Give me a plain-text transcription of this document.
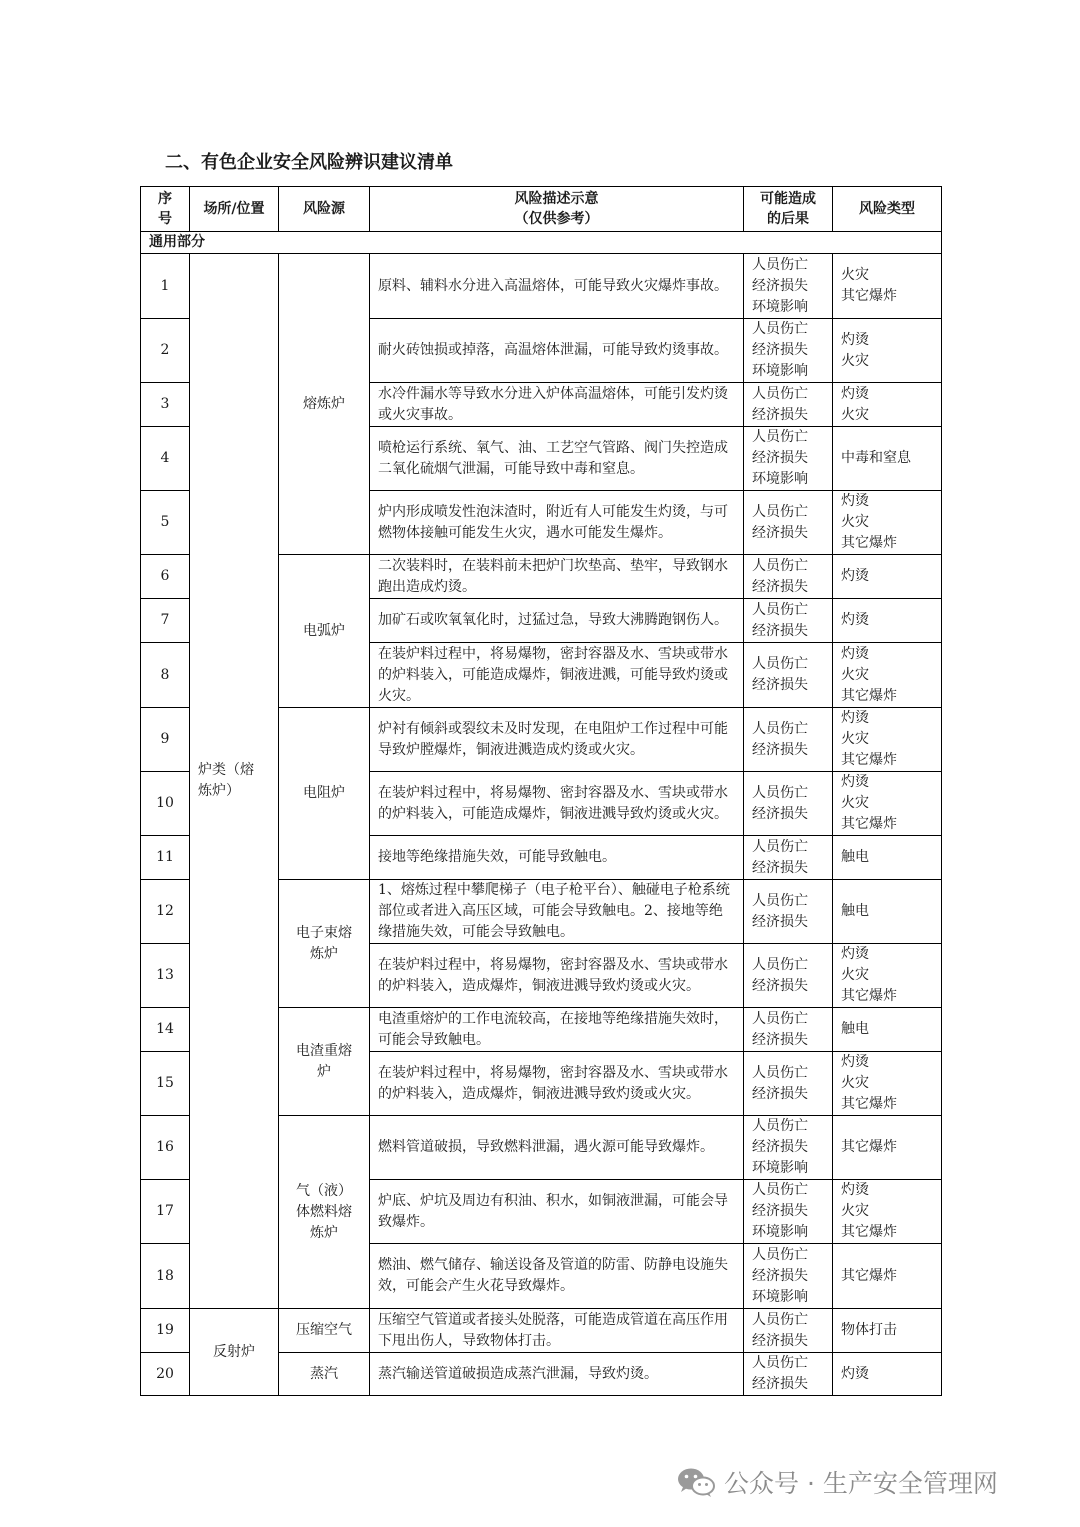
二、有色企业安全风险辨识建议清单
序
号	场所/位置	风险源	风险描述示意
（仅供参考）	可能造成
的后果	风险类型
通用部分					
1	炉类（熔
炼炉）	熔炼炉	原料、辅料水分进入高温熔体，可能导致火灾爆炸事故。	人员伤亡
经济损失
环境影响	火灾
其它爆炸
2			耐火砖蚀损或掉落，高温熔体泄漏，可能导致灼烫事故。	人员伤亡
经济损失
环境影响	灼烫
火灾
3			水冷件漏水等导致水分进入炉体高温熔体，可能引发灼烫或火灾事故。	人员伤亡
经济损失	灼烫
火灾
4			喷枪运行系统、氧气、油、工艺空气管路、阀门失控造成二氧化硫烟气泄漏，可能导致中毒和窒息。	人员伤亡
经济损失
环境影响	中毒和窒息
5			炉内形成喷发性泡沫渣时，附近有人可能发生灼烫，与可燃物体接触可能发生火灾，遇水可能发生爆炸。	人员伤亡
经济损失	灼烫
火灾
其它爆炸
6		电弧炉	二次装料时，在装料前未把炉门坎垫高、垫牢，导致钢水跑出造成灼烫。	人员伤亡
经济损失	灼烫
7			加矿石或吹氧氧化时，过猛过急，导致大沸腾跑钢伤人。	人员伤亡
经济损失	灼烫
8			在装炉料过程中，将易爆物，密封容器及水、雪块或带水的炉料装入，可能造成爆炸，铜液进溅，可能导致灼烫或火灾。	人员伤亡
经济损失	灼烫
火灾
其它爆炸
9		电阻炉	炉衬有倾斜或裂纹未及时发现，在电阻炉工作过程中可能导致炉膛爆炸，铜液进溅造成灼烫或火灾。	人员伤亡
经济损失	灼烫
火灾
其它爆炸
10			在装炉料过程中，将易爆物、密封容器及水、雪块或带水的炉料装入，可能造成爆炸，铜液进溅导致灼烫或火灾。	人员伤亡
经济损失	灼烫
火灾
其它爆炸
11			接地等绝缘措施失效，可能导致触电。	人员伤亡
经济损失	触电
12		电子束熔
炼炉	1、熔炼过程中攀爬梯子（电子枪平台）、触碰电子枪系统部位或者进入高压区域，可能会导致触电。2、接地等绝缘措施失效，可能会导致触电。	人员伤亡
经济损失	触电
13			在装炉料过程中，将易爆物，密封容器及水、雪块或带水的炉料装入，造成爆炸，铜液进溅导致灼烫或火灾。	人员伤亡
经济损失	灼烫
火灾
其它爆炸
14		电渣重熔
炉	电渣重熔炉的工作电流较高，在接地等绝缘措施失效时，可能会导致触电。	人员伤亡
经济损失	触电
15			在装炉料过程中，将易爆物，密封容器及水、雪块或带水的炉料装入，造成爆炸，铜液进溅导致灼烫或火灾。	人员伤亡
经济损失	灼烫
火灾
其它爆炸
16		气（液）
体燃料熔
炼炉	燃料管道破损，导致燃料泄漏，遇火源可能导致爆炸。	人员伤亡
经济损失
环境影响	其它爆炸
17			炉底、炉坑及周边有积油、积水，如铜液泄漏，可能会导致爆炸。	人员伤亡
经济损失
环境影响	灼烫
火灾
其它爆炸
18			燃油、燃气储存、输送设备及管道的防雷、防静电设施失效，可能会产生火花导致爆炸。	人员伤亡
经济损失
环境影响	其它爆炸
19	反射炉	压缩空气	压缩空气管道或者接头处脱落，可能造成管道在高压作用下甩出伤人，导致物体打击。	人员伤亡
经济损失	物体打击
20		蒸汽	蒸汽输送管道破损造成蒸汽泄漏，导致灼烫。	人员伤亡
经济损失	灼烫
公众号 · 生产安全管理网
